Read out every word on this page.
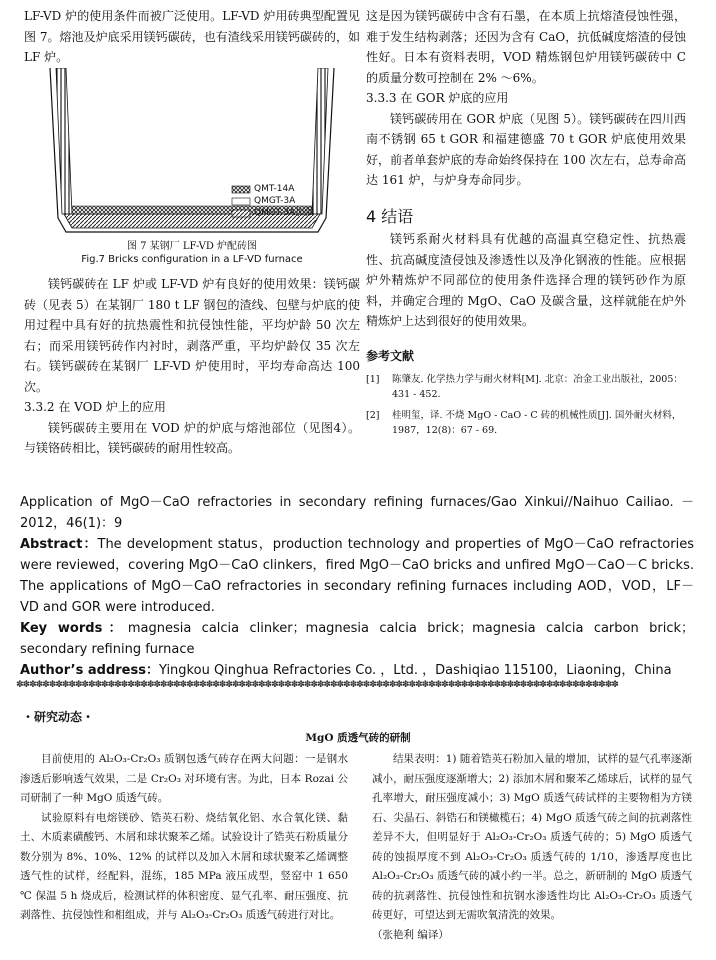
LF-VD 炉的使用条件而被广泛使用。LF-VD 炉用砖典型配置见图 7。熔池及炉底采用镁钙碳砖，也有渣线采用镁钙碳砖的，如 LF 炉。

QMT-14A
QMGT-3A
QMGT-3A加强
图 7 某钢厂 LF-VD 炉配砖图
Fig.7 Bricks configuration in a LF-VD furnace

镁钙碳砖在 LF 炉或 LF-VD 炉有良好的使用效果：镁钙碳砖（见表 5）在某钢厂 180 t LF 钢包的渣线、包壁与炉底的使用过程中具有好的抗热震性和抗侵蚀性能，平均炉龄 50 次左右；而采用镁钙砖作内衬时，剥落严重，平均炉龄仅 35 次左右。镁钙碳砖在某钢厂 LF-VD 炉使用时，平均寿命高达 100 次。

3.3.2 在 VOD 炉上的应用

镁钙碳砖主要用在 VOD 炉的炉底与熔池部位（见图4）。与镁铬砖相比，镁钙碳砖的耐用性较高。

这是因为镁钙碳砖中含有石墨，在本质上抗熔渣侵蚀性强，难于发生结构剥落；还因为含有 CaO，抗低碱度熔渣的侵蚀性好。日本有资料表明，VOD 精炼钢包炉用镁钙碳砖中 C 的质量分数可控制在 2% ～6%。

3.3.3 在 GOR 炉底的应用

镁钙碳砖用在 GOR 炉底（见图 5）。镁钙碳砖在四川西南不锈钢 65 t GOR 和福建德盛 70 t GOR 炉底使用效果好，前者单套炉底的寿命始终保持在 100 次左右，总寿命高达 161 炉，与炉身寿命同步。

4 结语

镁钙系耐火材料具有优越的高温真空稳定性、抗热震性、抗高碱度渣侵蚀及渗透性以及净化钢液的性能。应根据炉外精炼炉不同部位的使用条件选择合理的镁钙砂作为原料，并确定合理的 MgO、CaO 及碳含量，这样就能在炉外精炼炉上达到很好的使用效果。

参考文献
[1]	陈肇友. 化学热力学与耐火材料[M]. 北京：冶金工业出版社，2005：431 - 452.
[2]	桂明玺，译. 不烧 MgO - CaO - C 砖的机械性质[J]. 国外耐火材料，1987，12(8)：67 - 69.

Application of MgO－CaO refractories in secondary refining furnaces/Gao Xinkui//Naihuo Cailiao. －2012，46(1)：9

Abstract：The development status，production technology and properties of MgO－CaO refractories were reviewed，covering MgO－CaO clinkers，fired MgO－CaO bricks and unfired MgO－CaO－C bricks. The applications of MgO－CaO refractories in secondary refining furnaces including AOD，VOD，LF－VD and GOR were introduced.

Key words：magnesia calcia clinker；magnesia calcia brick；magnesia calcia carbon brick；secondary refining furnace

Author’s address：Yingkou Qinghua Refractories Co. ，Ltd. ，Dashiqiao 115100，Liaoning，China

✽✽✽✽✽✽✽✽✽✽✽✽✽✽✽✽✽✽✽✽✽✽✽✽✽✽✽✽✽✽✽✽✽✽✽✽✽✽✽✽✽✽✽✽✽✽✽✽✽✽✽✽✽✽✽✽✽✽✽✽✽✽✽✽✽✽✽✽✽✽✽✽✽✽✽✽✽✽✽✽✽✽✽✽✽✽✽✽✽✽✽✽
・研究动态・
MgO 质透气砖的研制

目前使用的 Al₂O₃-Cr₂O₃ 质钢包透气砖存在两大问题：一是钢水渗透后影响透气效果，二是 Cr₂O₃ 对环境有害。为此，日本 Rozai 公司研制了一种 MgO 质透气砖。

试验原料有电熔镁砂、锆英石粉、烧结氧化铝、水合氧化镁、黏土、木质素磺酸钙、木屑和球状聚苯乙烯。试验设计了锆英石粉质量分数分别为 8%、10%、12% 的试样以及加入木屑和球状聚苯乙烯调整透气性的试样，经配料，混练，185 MPa 液压成型，竖窑中 1 650 ℃ 保温 5 h 烧成后，检测试样的体积密度、显气孔率、耐压强度、抗剥落性、抗侵蚀性和相组成，并与 Al₂O₃-Cr₂O₃ 质透气砖进行对比。

结果表明：1) 随着锆英石粉加入量的增加，试样的显气孔率逐渐减小，耐压强度逐渐增大；2) 添加木屑和聚苯乙烯球后，试样的显气孔率增大，耐压强度减小；3) MgO 质透气砖试样的主要物相为方镁石、尖晶石、斜锆石和镁橄榄石；4) MgO 质透气砖之间的抗剥落性差异不大，但明显好于 Al₂O₃-Cr₂O₃ 质透气砖的；5) MgO 质透气砖的蚀损厚度不到 Al₂O₃-Cr₂O₃ 质透气砖的 1/10，渗透厚度也比 Al₂O₃-Cr₂O₃ 质透气砖的减小约一半。总之，新研制的 MgO 质透气砖的抗剥落性、抗侵蚀性和抗钢水渗透性均比 Al₂O₃-Cr₂O₃ 质透气砖更好，可望达到无需吹氧清洗的效果。

（张艳利 编译）
